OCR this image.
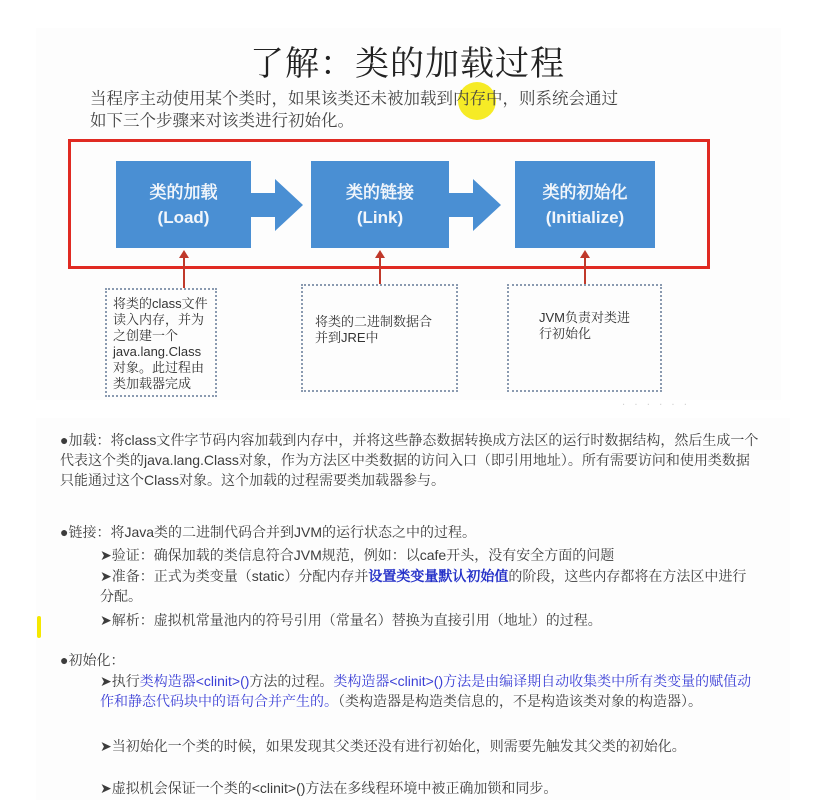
了解：类的加载过程
当程序主动使用某个类时，如果该类还未被加载到内存中，则系统会通过
如下三个步骤来对该类进行初始化。
类的加载
(Load)
类的链接
(Link)
类的初始化
(Initialize)
将类的class文件读入内存，并为之创建一个java.lang.Class对象。此过程由类加载器完成
将类的二进制数据合并到JRE中
JVM负责对类进行初始化
· · · · · ·
●加载：将class文件字节码内容加载到内存中，并将这些静态数据转换成方法区的运行时数据结构，然后生成一个代表这个类的java.lang.Class对象，作为方法区中类数据的访问入口（即引用地址）。所有需要访问和使用类数据只能通过这个Class对象。这个加载的过程需要类加载器参与。
●链接：将Java类的二进制代码合并到JVM的运行状态之中的过程。
➤验证：确保加载的类信息符合JVM规范，例如：以cafe开头，没有安全方面的问题
➤准备：正式为类变量（static）分配内存并设置类变量默认初始值的阶段，这些内存都将在方法区中进行分配。
➤解析：虚拟机常量池内的符号引用（常量名）替换为直接引用（地址）的过程。
●初始化：
➤执行类构造器<clinit>()方法的过程。类构造器<clinit>()方法是由编译期自动收集类中所有类变量的赋值动作和静态代码块中的语句合并产生的。（类构造器是构造类信息的，不是构造该类对象的构造器）。
➤当初始化一个类的时候，如果发现其父类还没有进行初始化，则需要先触发其父类的初始化。
➤虚拟机会保证一个类的<clinit>()方法在多线程环境中被正确加锁和同步。
